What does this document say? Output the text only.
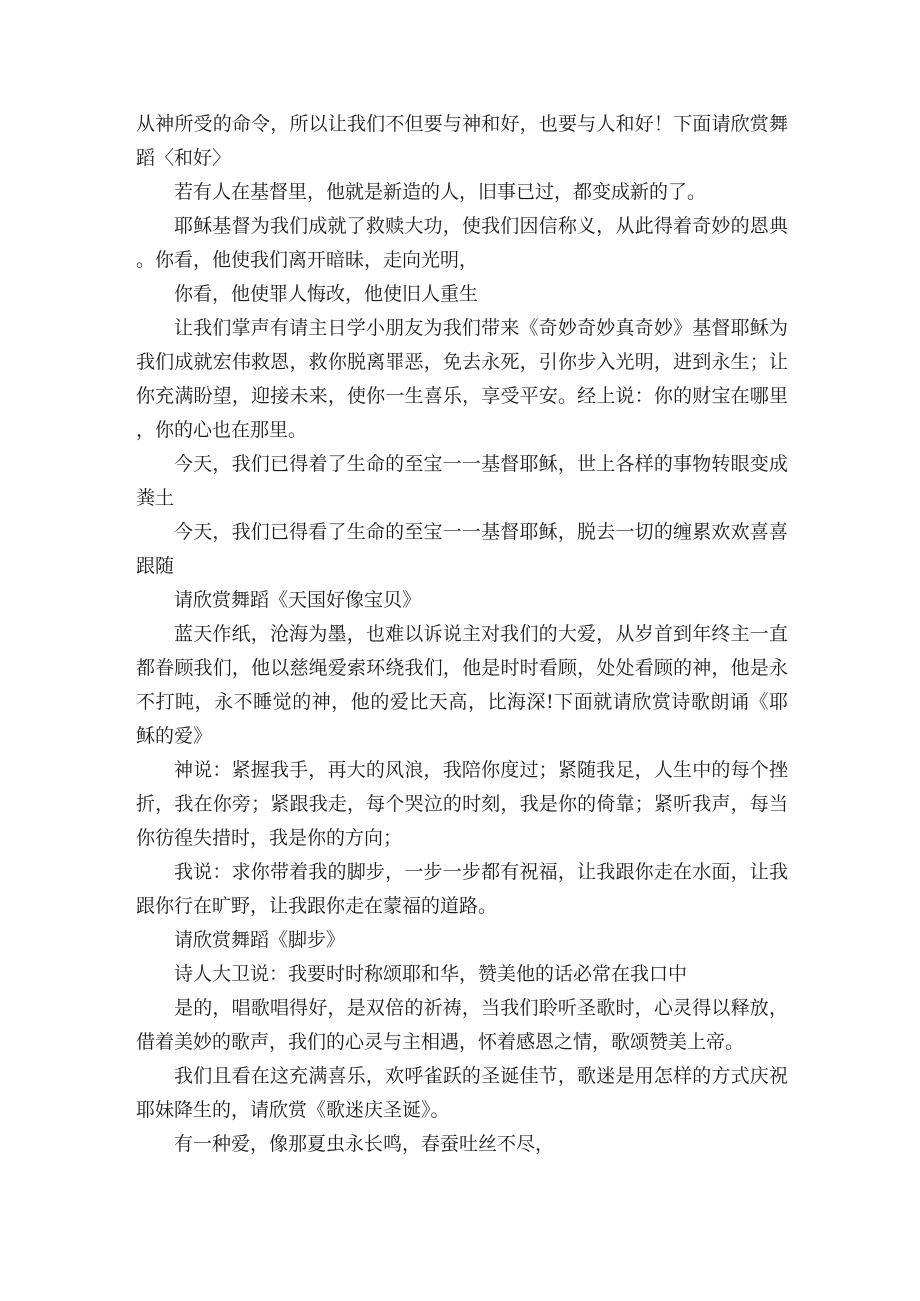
从神所受的命令，所以让我们不但要与神和好，也要与人和好！下面请欣赏舞蹈〈和好〉

若有人在基督里，他就是新造的人，旧事已过，都变成新的了。

耶稣基督为我们成就了救赎大功，使我们因信称义，从此得着奇妙的恩典。你看，他使我们离开暗昧，走向光明，

你看，他使罪人悔改，他使旧人重生

让我们掌声有请主日学小朋友为我们带来《奇妙奇妙真奇妙》基督耶稣为我们成就宏伟救恩，救你脱离罪恶，免去永死，引你步入光明，进到永生；让你充满盼望，迎接未来，使你一生喜乐，享受平安。经上说：你的财宝在哪里，你的心也在那里。

今天，我们已得着了生命的至宝一一基督耶稣，世上各样的事物转眼变成粪土

今天，我们已得看了生命的至宝一一基督耶稣，脱去一切的缠累欢欢喜喜跟随

请欣赏舞蹈《天国好像宝贝》

蓝天作纸，沧海为墨，也难以诉说主对我们的大爱，从岁首到年终主一直都眷顾我们，他以慈绳爱索环绕我们，他是时时看顾，处处看顾的神，他是永不打盹，永不睡觉的神，他的爱比天高，比海深!下面就请欣赏诗歌朗诵《耶稣的爱》

神说：紧握我手，再大的风浪，我陪你度过；紧随我足，人生中的每个挫折，我在你旁；紧跟我走，每个哭泣的时刻，我是你的倚靠；紧听我声，每当你彷徨失措时，我是你的方向；

我说：求你带着我的脚步，一步一步都有祝福，让我跟你走在水面，让我跟你行在旷野，让我跟你走在蒙福的道路。

请欣赏舞蹈《脚步》

诗人大卫说：我要时时称颂耶和华，赞美他的话必常在我口中

是的，唱歌唱得好，是双倍的祈祷，当我们聆听圣歌时，心灵得以释放，借着美妙的歌声，我们的心灵与主相遇，怀着感恩之情，歌颂赞美上帝。

我们且看在这充满喜乐，欢呼雀跃的圣诞佳节，歌迷是用怎样的方式庆祝耶妹降生的，请欣赏《歌迷庆圣诞》。

有一种爱，像那夏虫永长鸣，春蚕吐丝不尽，
